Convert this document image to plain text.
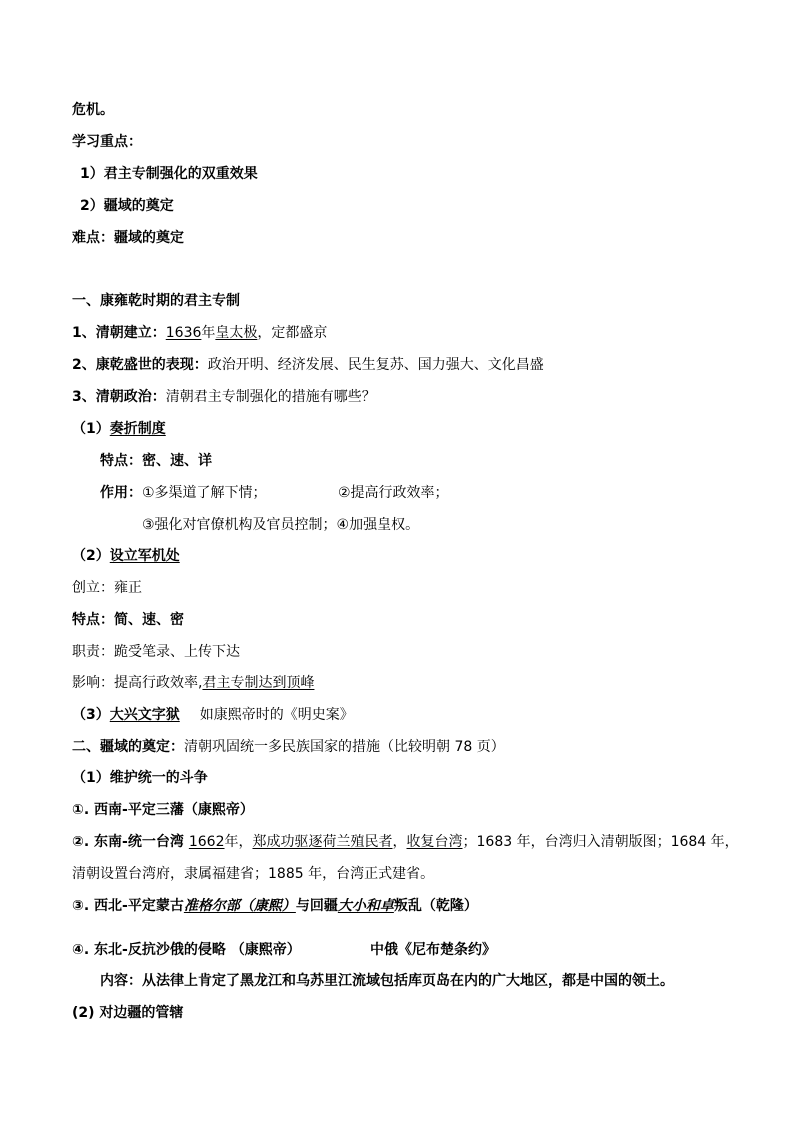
危机。
学习重点：
1）君主专制强化的双重效果
2）疆域的奠定
难点：疆域的奠定
一、康雍乾时期的君主专制
1、清朝建立：1636年皇太极，定都盛京
2、康乾盛世的表现：政治开明、经济发展、民生复苏、国力强大、文化昌盛
3、清朝政治：清朝君主专制强化的措施有哪些？
（1）奏折制度
特点：密、速、详
作用：①多渠道了解下情；	②提高行政效率；
③强化对官僚机构及官员控制；④加强皇权。
（2）设立军机处
创立：雍正
特点：简、速、密
职责：跪受笔录、上传下达
影响：提高行政效率,君主专制达到顶峰
（3）大兴文字狱 如康熙帝时的《明史案》
二、疆域的奠定：清朝巩固统一多民族国家的措施（比较明朝 78 页）
（1）维护统一的斗争
①. 西南-平定三藩（康熙帝）
②. 东南-统一台湾 1662年，郑成功驱逐荷兰殖民者，收复台湾；1683 年，台湾归入清朝版图；1684 年，
清朝设置台湾府，隶属福建省；1885 年，台湾正式建省。
③. 西北-平定蒙古准格尔部（康熙）与回疆大小和卓叛乱（乾隆）
④. 东北-反抗沙俄的侵略 （康熙帝）	中俄《尼布楚条约》
内容：从法律上肯定了黑龙江和乌苏里江流域包括库页岛在内的广大地区，都是中国的领土。
(2) 对边疆的管辖
